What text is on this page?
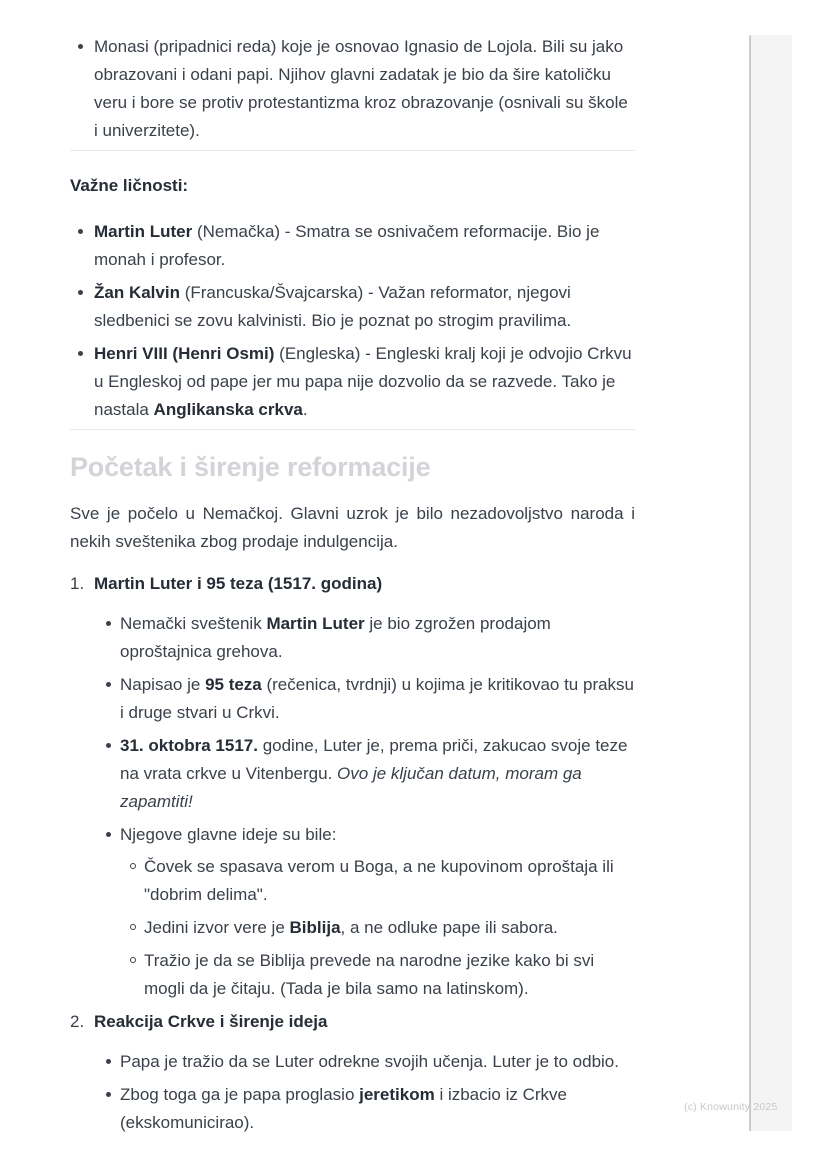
Monasi (pripadnici reda) koje je osnovao Ignasio de Lojola. Bili su jako obrazovani i odani papi. Njihov glavni zadatak je bio da šire katoličku veru i bore se protiv protestantizma kroz obrazovanje (osnivali su škole i univerzitete).
Važne ličnosti:
Martin Luter (Nemačka) - Smatra se osnivačem reformacije. Bio je monah i profesor.
Žan Kalvin (Francuska/Švajcarska) - Važan reformator, njegovi sledbenici se zovu kalvinisti. Bio je poznat po strogim pravilima.
Henri VIII (Henri Osmi) (Engleska) - Engleski kralj koji je odvojio Crkvu u Engleskoj od pape jer mu papa nije dozvolio da se razvede. Tako je nastala Anglikanska crkva.
Početak i širenje reformacije

Sve je počelo u Nemačkoj. Glavni uzrok je bilo nezadovoljstvo naroda i nekih sveštenika zbog prodaje indulgencija.

1. Martin Luter i 95 teza (1517. godina)
Nemački sveštenik Martin Luter je bio zgrožen prodajom oproštajnica grehova.
Napisao je 95 teza (rečenica, tvrdnji) u kojima je kritikovao tu praksu i druge stvari u Crkvi.
31. oktobra 1517. godine, Luter je, prema priči, zakucao svoje teze na vrata crkve u Vitenbergu. Ovo je ključan datum, moram ga zapamtiti!
Njegove glavne ideje su bile:
Čovek se spasava verom u Boga, a ne kupovinom oproštaja ili "dobrim delima".
Jedini izvor vere je Biblija, a ne odluke pape ili sabora.
Tražio je da se Biblija prevede na narodne jezike kako bi svi mogli da je čitaju. (Tada je bila samo na latinskom).
2. Reakcija Crkve i širenje ideja
Papa je tražio da se Luter odrekne svojih učenja. Luter je to odbio.
Zbog toga ga je papa proglasio jeretikom i izbacio iz Crkve (ekskomunicirao).
(c) Knowunity 2025
